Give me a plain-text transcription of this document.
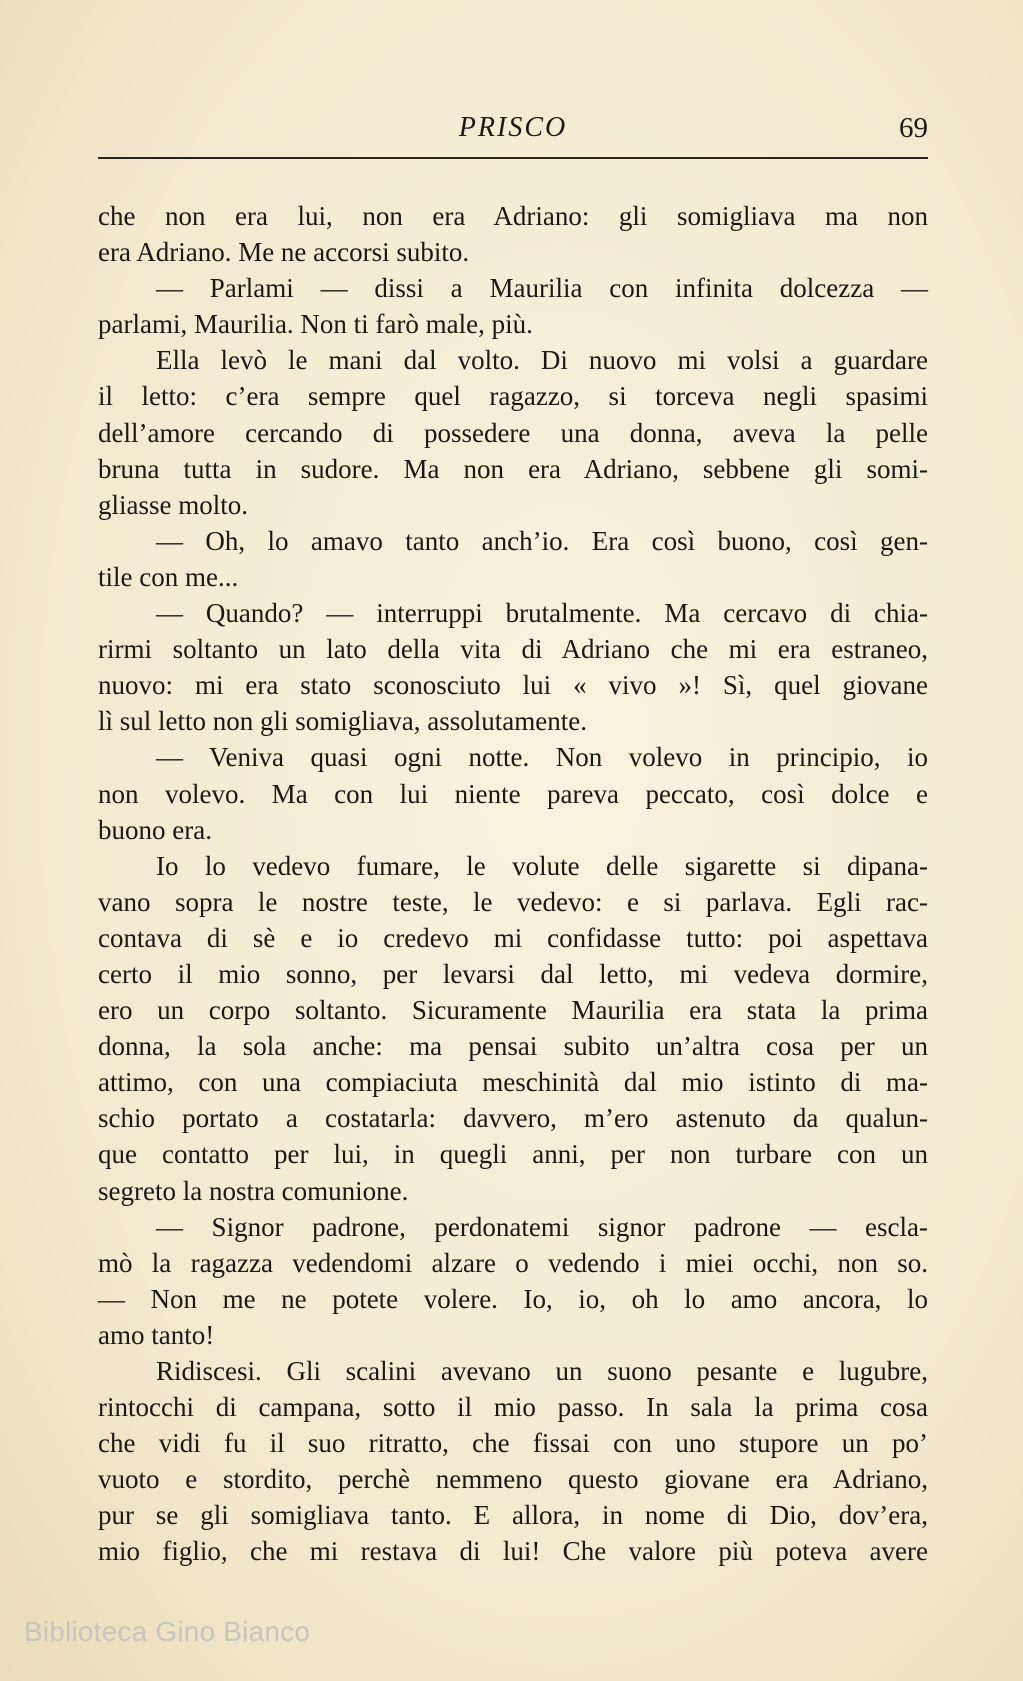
PRISCO	69
che non era lui, non era Adriano: gli somigliava ma non
era Adriano. Me ne accorsi subito.
— Parlami — dissi a Maurilia con infinita dolcezza —
parlami, Maurilia. Non ti farò male, più.
Ella levò le mani dal volto. Di nuovo mi volsi a guardare
il letto: c’era sempre quel ragazzo, si torceva negli spasimi
dell’amore cercando di possedere una donna, aveva la pelle
bruna tutta in sudore. Ma non era Adriano, sebbene gli somi-
gliasse molto.
— Oh, lo amavo tanto anch’io. Era così buono, così gen-
tile con me...
— Quando? — interruppi brutalmente. Ma cercavo di chia-
rirmi soltanto un lato della vita di Adriano che mi era estraneo,
nuovo: mi era stato sconosciuto lui « vivo »! Sì, quel giovane
lì sul letto non gli somigliava, assolutamente.
— Veniva quasi ogni notte. Non volevo in principio, io
non volevo. Ma con lui niente pareva peccato, così dolce e
buono era.
Io lo vedevo fumare, le volute delle sigarette si dipana-
vano sopra le nostre teste, le vedevo: e si parlava. Egli rac-
contava di sè e io credevo mi confidasse tutto: poi aspettava
certo il mio sonno, per levarsi dal letto, mi vedeva dormire,
ero un corpo soltanto. Sicuramente Maurilia era stata la prima
donna, la sola anche: ma pensai subito un’altra cosa per un
attimo, con una compiaciuta meschinità dal mio istinto di ma-
schio portato a costatarla: davvero, m’ero astenuto da qualun-
que contatto per lui, in quegli anni, per non turbare con un
segreto la nostra comunione.
— Signor padrone, perdonatemi signor padrone — escla-
mò la ragazza vedendomi alzare o vedendo i miei occhi, non so.
— Non me ne potete volere. Io, io, oh lo amo ancora, lo
amo tanto!
Ridiscesi. Gli scalini avevano un suono pesante e lugubre,
rintocchi di campana, sotto il mio passo. In sala la prima cosa
che vidi fu il suo ritratto, che fissai con uno stupore un po’
vuoto e stordito, perchè nemmeno questo giovane era Adriano,
pur se gli somigliava tanto. E allora, in nome di Dio, dov’era,
mio figlio, che mi restava di lui! Che valore più poteva avere
Biblioteca Gino Bianco
